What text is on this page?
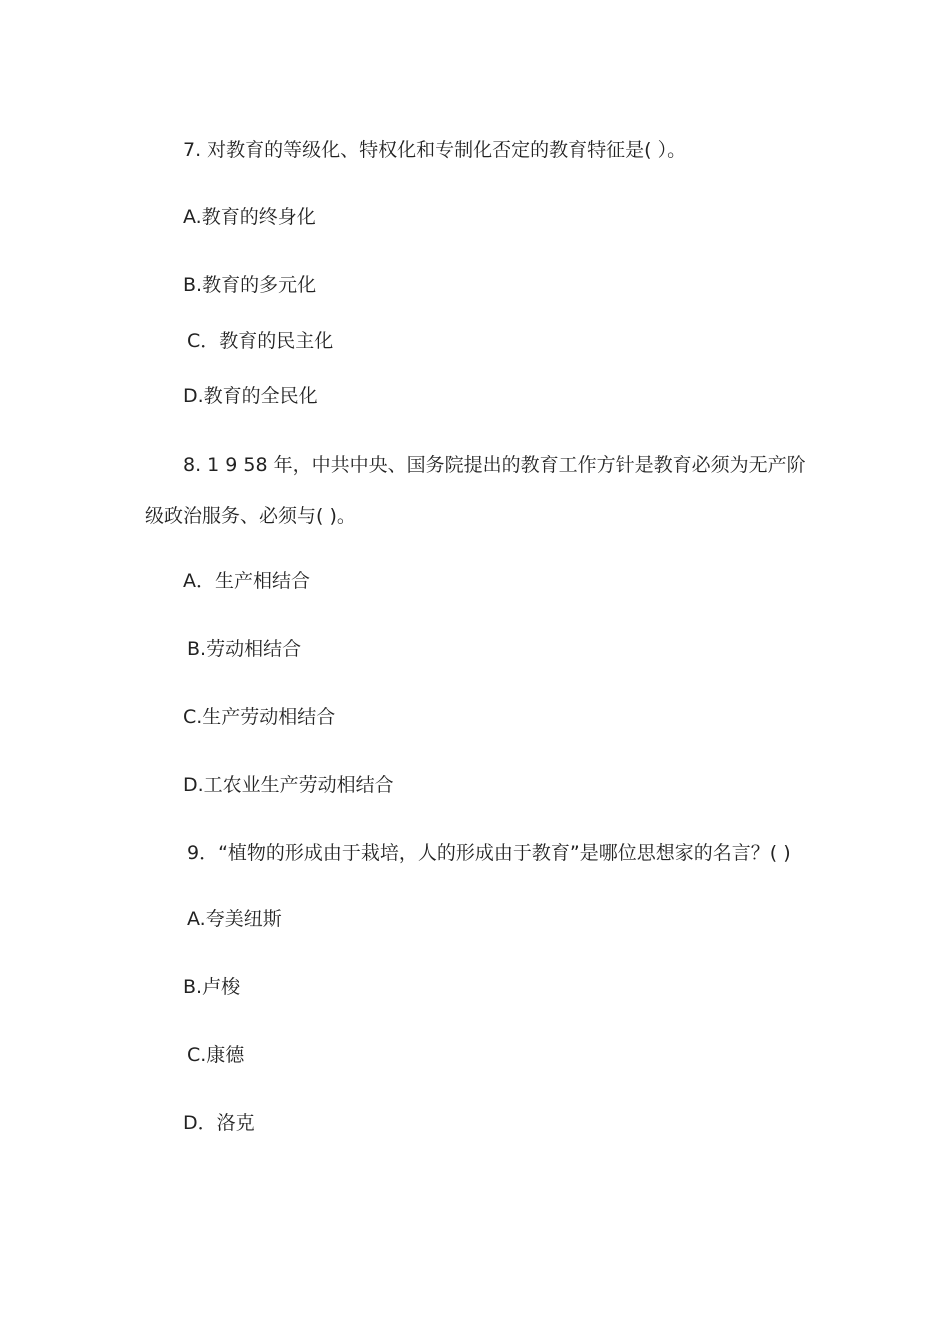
7. 对教育的等级化、特权化和专制化否定的教育特征是( ）。
A.教育的终身化
B.教育的多元化
C．教育的民主化
D.教育的全民化
8. 1 9 58 年，中共中央、国务院提出的教育工作方针是教育必须为无产阶
级政治服务、必须与( )。
A．生产相结合
B.劳动相结合
C.生产劳动相结合
D.工农业生产劳动相结合
9．“植物的形成由于栽培，人的形成由于教育”是哪位思想家的名言？( )
A.夸美纽斯
B.卢梭
C.康德
D．洛克
